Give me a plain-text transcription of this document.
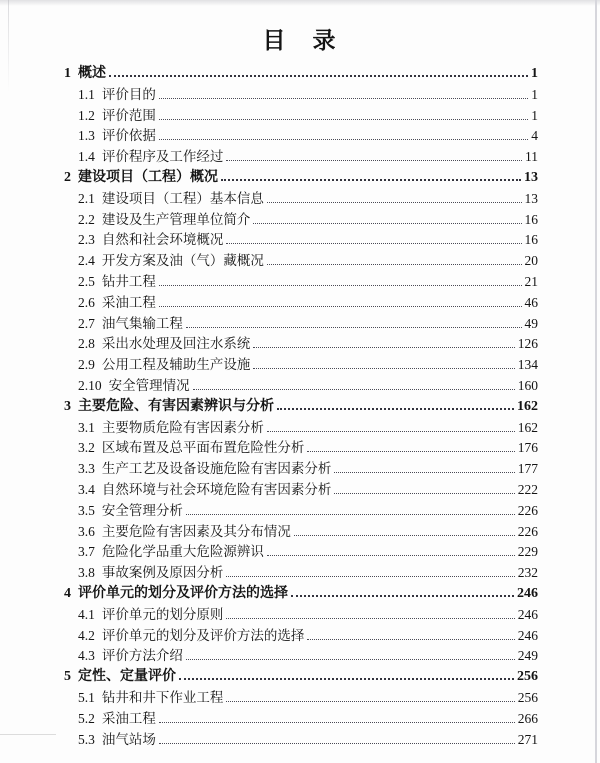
目　录
1 概述	1
1.1 评价目的	1
1.2 评价范围	1
1.3 评价依据	4
1.4 评价程序及工作经过	11
2 建设项目（工程）概况	13
2.1 建设项目（工程）基本信息	13
2.2 建设及生产管理单位简介	16
2.3 自然和社会环境概况	16
2.4 开发方案及油（气）藏概况	20
2.5 钻井工程	21
2.6 采油工程	46
2.7 油气集输工程	49
2.8 采出水处理及回注水系统	126
2.9 公用工程及辅助生产设施	134
2.10 安全管理情况	160
3 主要危险、有害因素辨识与分析	162
3.1 主要物质危险有害因素分析	162
3.2 区域布置及总平面布置危险性分析	176
3.3 生产工艺及设备设施危险有害因素分析	177
3.4 自然环境与社会环境危险有害因素分析	222
3.5 安全管理分析	226
3.6 主要危险有害因素及其分布情况	226
3.7 危险化学品重大危险源辨识	229
3.8 事故案例及原因分析	232
4 评价单元的划分及评价方法的选择	246
4.1 评价单元的划分原则	246
4.2 评价单元的划分及评价方法的选择	246
4.3 评价方法介绍	249
5 定性、定量评价	256
5.1 钻井和井下作业工程	256
5.2 采油工程	266
5.3 油气站场	271
